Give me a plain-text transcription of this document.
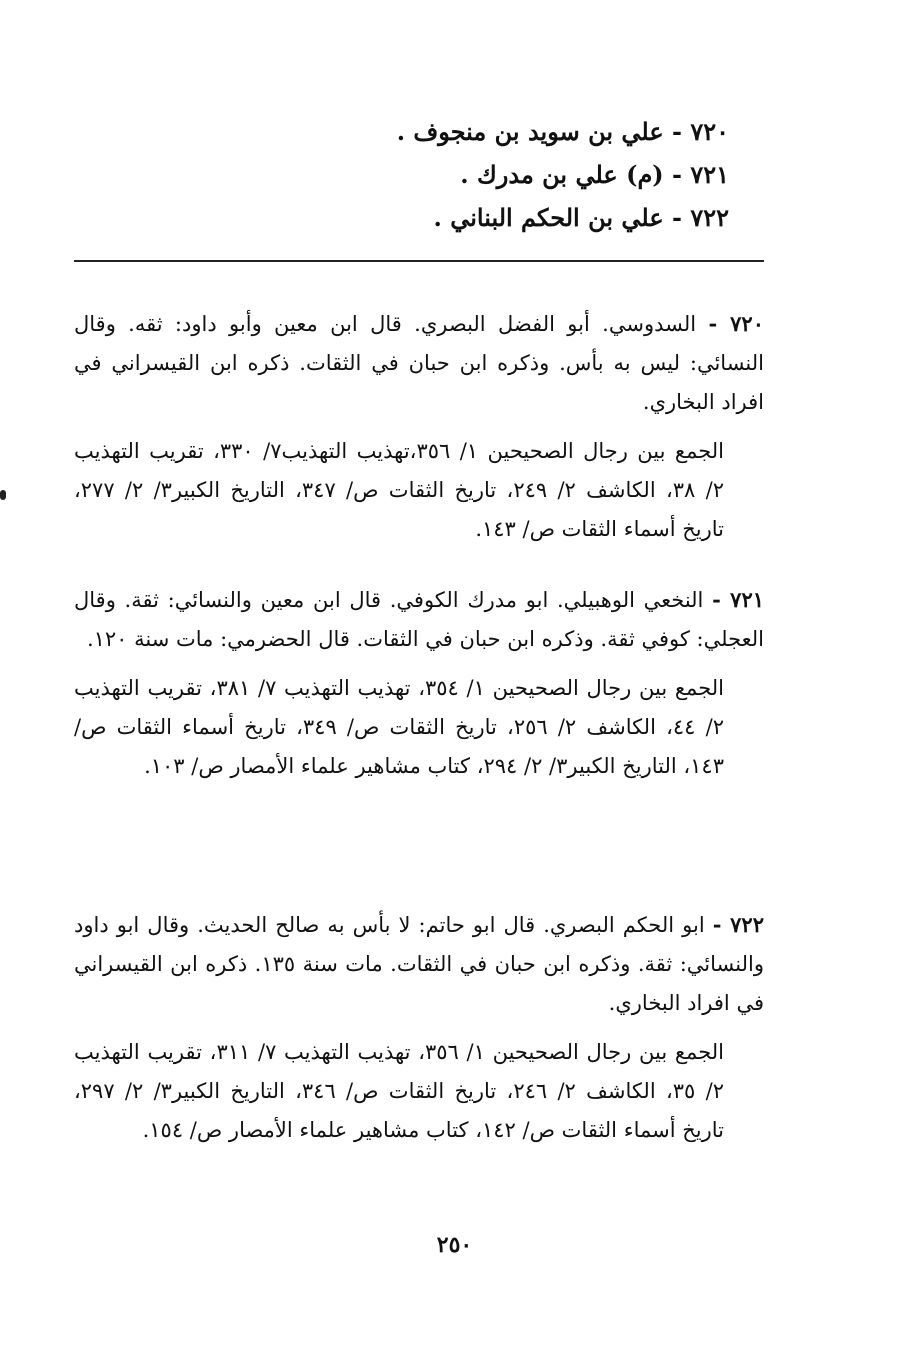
٧٢٠ - علي بن سويد بن منجوف .
٧٢١ - (م) علي بن مدرك .
٧٢٢ - علي بن الحكم البناني .
٧٢٠ - السدوسي. أبو الفضل البصري. قال ابن معين وأبو داود: ثقه. وقال النسائي: ليس به بأس. وذكره ابن حبان في الثقات. ذكره ابن القيسراني في افراد البخاري.
الجمع بين رجال الصحيحين ١/ ٣٥٦،تهذيب التهذيب٧/ ٣٣٠، تقريب التهذيب ٢/ ٣٨، الكاشف ٢/ ٢٤٩، تاريخ الثقات ص/ ٣٤٧، التاريخ الكبير٣/ ٢/ ٢٧٧، تاريخ أسماء الثقات ص/ ١٤٣.
٧٢١ - النخعي الوهبيلي. ابو مدرك الكوفي. قال ابن معين والنسائي: ثقة. وقال العجلي: كوفي ثقة. وذكره ابن حبان في الثقات. قال الحضرمي: مات سنة ١٢٠.
الجمع بين رجال الصحيحين ١/ ٣٥٤، تهذيب التهذيب ٧/ ٣٨١، تقريب التهذيب ٢/ ٤٤، الكاشف ٢/ ٢٥٦، تاريخ الثقات ص/ ٣٤٩، تاريخ أسماء الثقات ص/ ١٤٣، التاريخ الكبير٣/ ٢/ ٢٩٤، كتاب مشاهير علماء الأمصار ص/ ١٠٣.
٧٢٢ - ابو الحكم البصري. قال ابو حاتم: لا بأس به صالح الحديث. وقال ابو داود والنسائي: ثقة. وذكره ابن حبان في الثقات. مات سنة ١٣٥. ذكره ابن القيسراني في افراد البخاري.
الجمع بين رجال الصحيحين ١/ ٣٥٦، تهذيب التهذيب ٧/ ٣١١، تقريب التهذيب ٢/ ٣٥، الكاشف ٢/ ٢٤٦، تاريخ الثقات ص/ ٣٤٦، التاريخ الكبير٣/ ٢/ ٢٩٧، تاريخ أسماء الثقات ص/ ١٤٢، كتاب مشاهير علماء الأمصار ص/ ١٥٤.
٢٥٠
